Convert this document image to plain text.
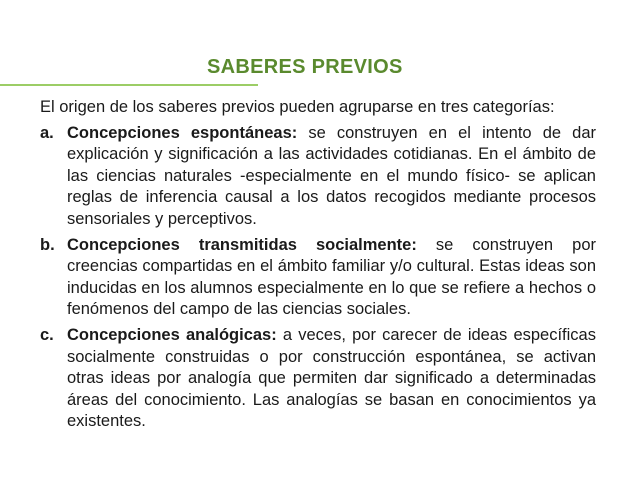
SABERES PREVIOS

El origen de los saberes previos pueden agruparse en tres categorías:

a. Concepciones espontáneas: se construyen en el intento de dar explicación y significación a las actividades cotidianas. En el ámbito de las ciencias naturales -especialmente en el mundo físico- se aplican reglas de inferencia causal a los datos recogidos mediante procesos sensoriales y perceptivos.
b. Concepciones transmitidas socialmente: se construyen por creencias compartidas en el ámbito familiar y/o cultural. Estas ideas son inducidas en los alumnos especialmente en lo que se refiere a hechos o fenómenos del campo de las ciencias sociales.
c. Concepciones analógicas: a veces, por carecer de ideas específicas socialmente construidas o por construcción espontánea, se activan otras ideas por analogía que permiten dar significado a determinadas áreas del conocimiento. Las analogías se basan en conocimientos ya existentes.
